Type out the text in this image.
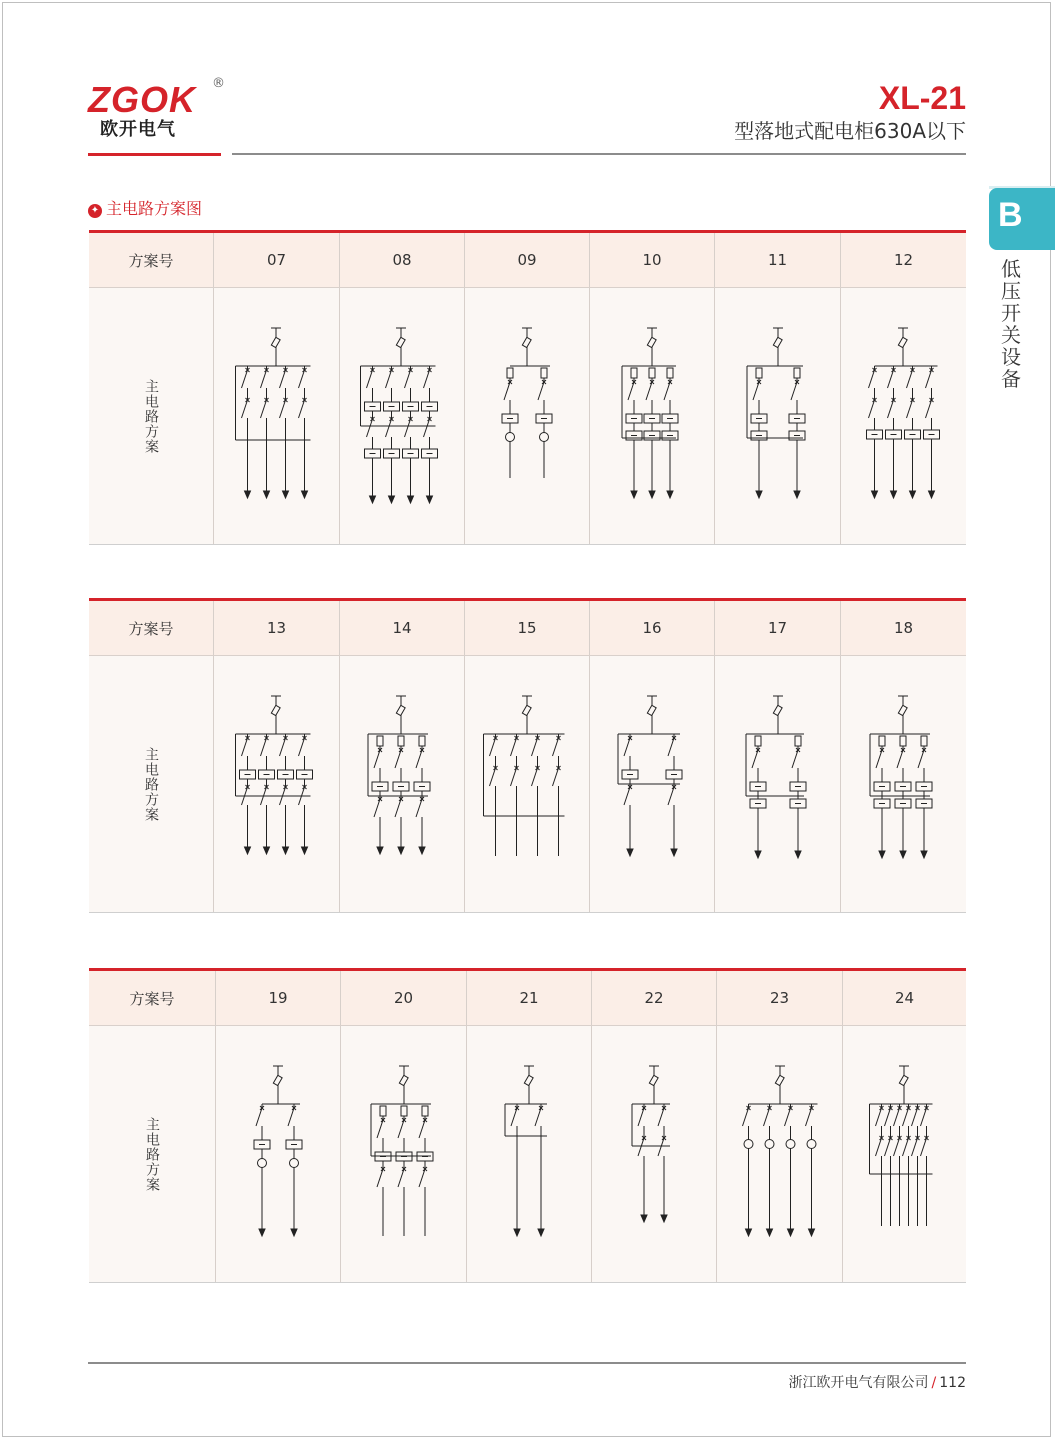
ZGOK ®
欧开电气
XL-21
型落地式配电柜630A以下
B
低
压
开
关
设
备
✦ 主电路方案图
方案号	07	08	09	10	11	12
主电路方案
方案号	13	14	15	16	17	18
主电路方案
方案号	19	20	21	22	23	24
主电路方案
浙江欧开电气有限公司 / 112
